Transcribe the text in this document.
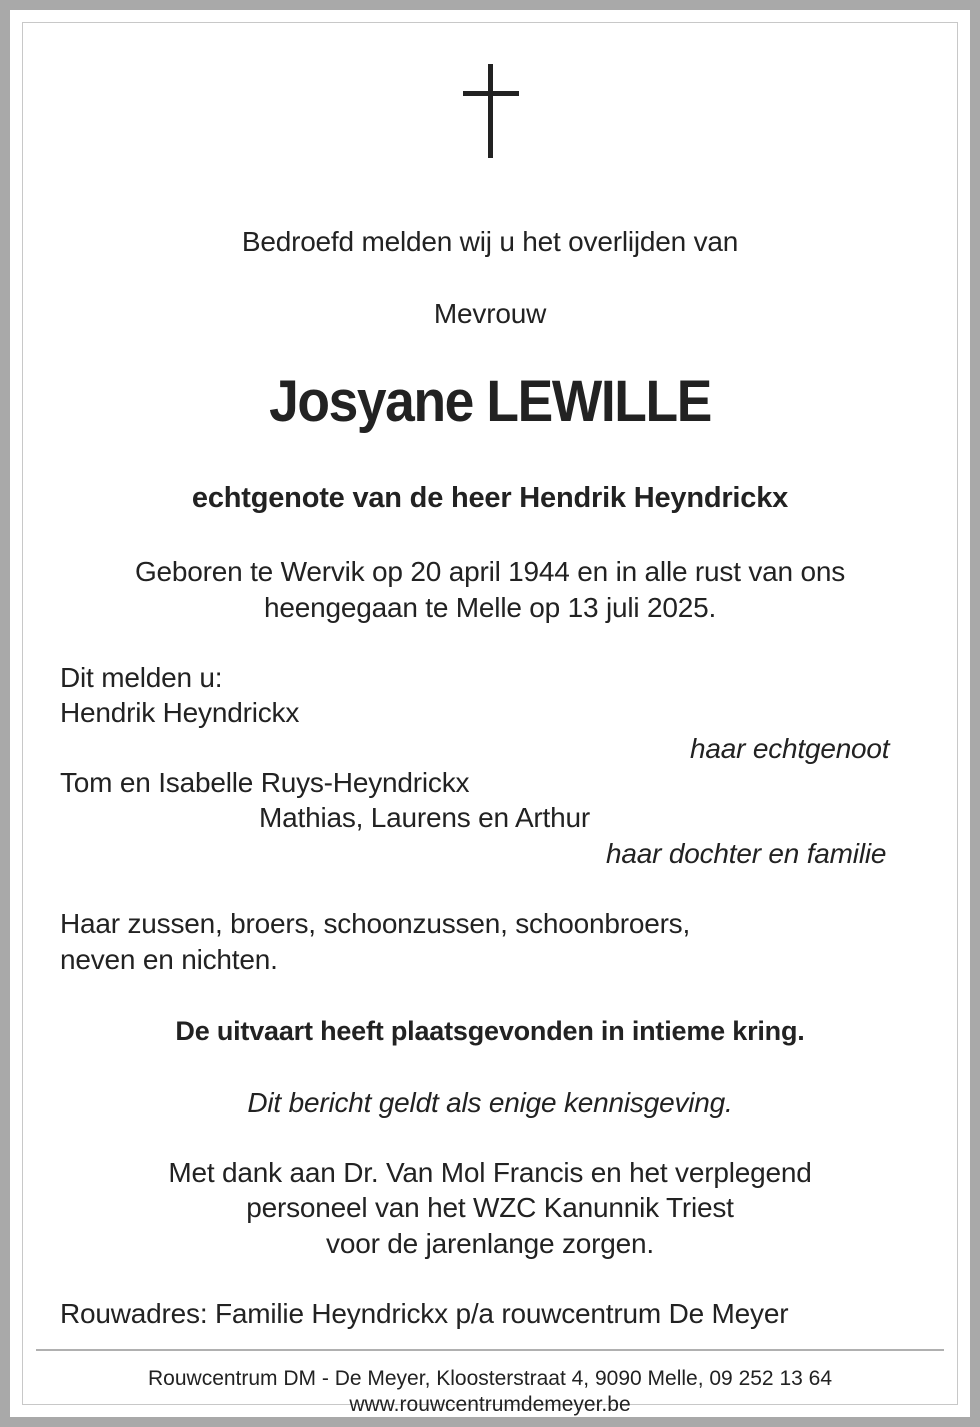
Bedroefd melden wij u het overlijden van
Mevrouw
Josyane LEWILLE
echtgenote van de heer Hendrik Heyndrickx
Geboren te Wervik op 20 april 1944 en in alle rust van ons
heengegaan te Melle op 13 juli 2025.
Dit melden u:
Hendrik Heyndrickx
haar echtgenoot
Tom en Isabelle Ruys-Heyndrickx
Mathias, Laurens en Arthur
haar dochter en familie
Haar zussen, broers, schoonzussen, schoonbroers,
neven en nichten.
De uitvaart heeft plaatsgevonden in intieme kring.
Dit bericht geldt als enige kennisgeving.
Met dank aan Dr. Van Mol Francis en het verplegend
personeel van het WZC Kanunnik Triest
voor de jarenlange zorgen.
Rouwadres: Familie Heyndrickx p/a rouwcentrum De Meyer
Rouwcentrum DM - De Meyer, Kloosterstraat 4, 9090 Melle, 09 252 13 64
www.rouwcentrumdemeyer.be
